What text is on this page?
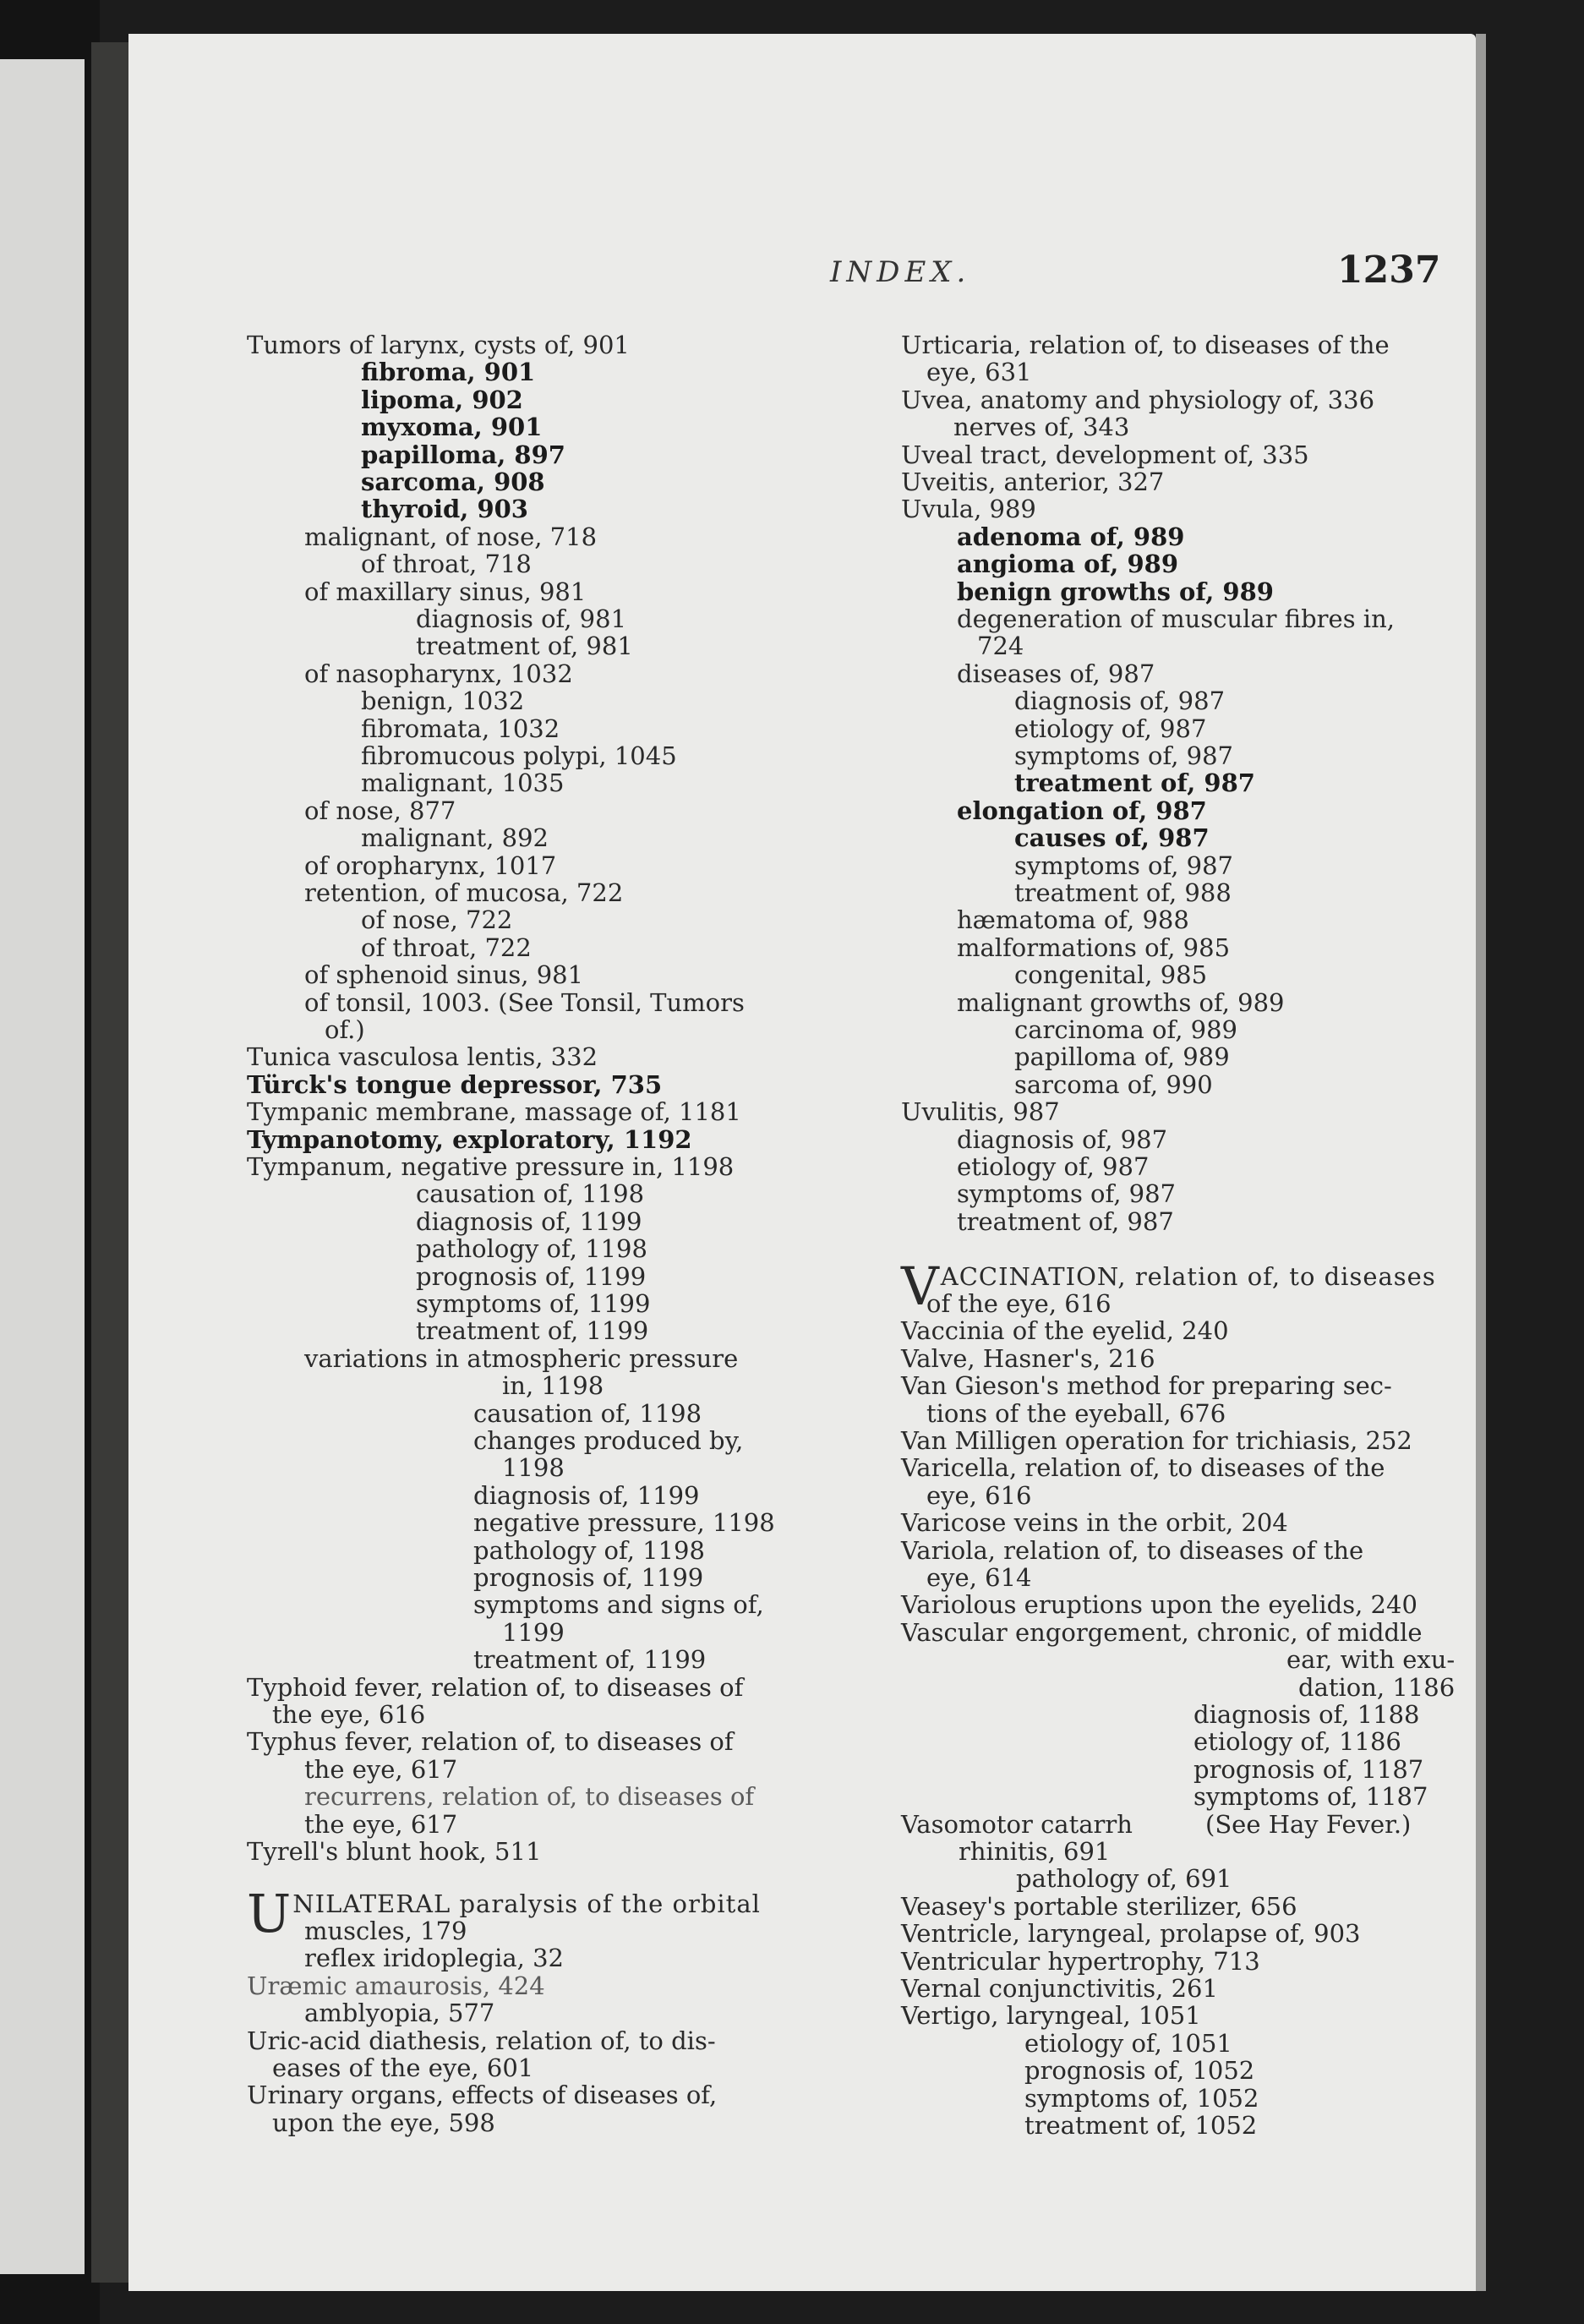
INDEX.	1237
Tumors of larynx, cysts of, 901
fibroma, 901
lipoma, 902
myxoma, 901
papilloma, 897
sarcoma, 908
thyroid, 903
malignant, of nose, 718
of throat, 718
of maxillary sinus, 981
diagnosis of, 981
treatment of, 981
of nasopharynx, 1032
benign, 1032
fibromata, 1032
fibromucous polypi, 1045
malignant, 1035
of nose, 877
malignant, 892
of oropharynx, 1017
retention, of mucosa, 722
of nose, 722
of throat, 722
of sphenoid sinus, 981
of tonsil, 1003. (See Tonsil, Tumors
of.)
Tunica vasculosa lentis, 332
Türck's tongue depressor, 735
Tympanic membrane, massage of, 1181
Tympanotomy, exploratory, 1192
Tympanum, negative pressure in, 1198
causation of, 1198
diagnosis of, 1199
pathology of, 1198
prognosis of, 1199
symptoms of, 1199
treatment of, 1199
variations in atmospheric pressure
in, 1198
causation of, 1198
changes produced by,
1198
diagnosis of, 1199
negative pressure, 1198
pathology of, 1198
prognosis of, 1199
symptoms and signs of,
1199
treatment of, 1199
Typhoid fever, relation of, to diseases of
the eye, 616
Typhus fever, relation of, to diseases of
the eye, 617
recurrens, relation of, to diseases of
the eye, 617
Tyrell's blunt hook, 511
UNILATERAL paralysis of the orbital
muscles, 179
reflex iridoplegia, 32
Uræmic amaurosis, 424
amblyopia, 577
Uric-acid diathesis, relation of, to dis-
eases of the eye, 601
Urinary organs, effects of diseases of,
upon the eye, 598
Urticaria, relation of, to diseases of the
eye, 631
Uvea, anatomy and physiology of, 336
nerves of, 343
Uveal tract, development of, 335
Uveitis, anterior, 327
Uvula, 989
adenoma of, 989
angioma of, 989
benign growths of, 989
degeneration of muscular fibres in,
724
diseases of, 987
diagnosis of, 987
etiology of, 987
symptoms of, 987
treatment of, 987
elongation of, 987
causes of, 987
symptoms of, 987
treatment of, 988
hæmatoma of, 988
malformations of, 985
congenital, 985
malignant growths of, 989
carcinoma of, 989
papilloma of, 989
sarcoma of, 990
Uvulitis, 987
diagnosis of, 987
etiology of, 987
symptoms of, 987
treatment of, 987
VACCINATION, relation of, to diseases
of the eye, 616
Vaccinia of the eyelid, 240
Valve, Hasner's, 216
Van Gieson's method for preparing sec-
tions of the eyeball, 676
Van Milligen operation for trichiasis, 252
Varicella, relation of, to diseases of the
eye, 616
Varicose veins in the orbit, 204
Variola, relation of, to diseases of the
eye, 614
Variolous eruptions upon the eyelids, 240
Vascular engorgement, chronic, of middle
ear, with exu-
dation, 1186
diagnosis of, 1188
etiology of, 1186
prognosis of, 1187
symptoms of, 1187
Vasomotor catarrh	(See Hay Fever.)
rhinitis, 691
pathology of, 691
Veasey's portable sterilizer, 656
Ventricle, laryngeal, prolapse of, 903
Ventricular hypertrophy, 713
Vernal conjunctivitis, 261
Vertigo, laryngeal, 1051
etiology of, 1051
prognosis of, 1052
symptoms of, 1052
treatment of, 1052
